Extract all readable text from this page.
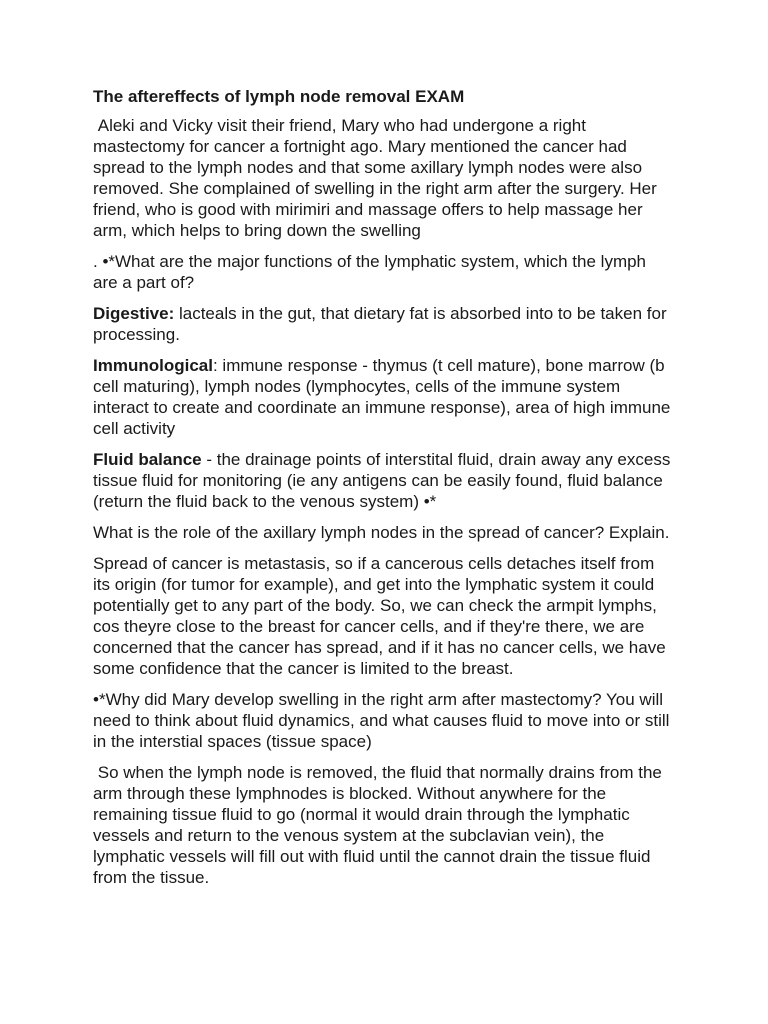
The aftereffects of lymph node removal EXAM

Aleki and Vicky visit their friend, Mary who had undergone a right mastectomy for cancer a fortnight ago. Mary mentioned the cancer had spread to the lymph nodes and that some axillary lymph nodes were also removed. She complained of swelling in the right arm after the surgery. Her friend, who is good with mirimiri and massage offers to help massage her arm, which helps to bring down the swelling

. •*What are the major functions of the lymphatic system, which the lymph are a part of?

Digestive: lacteals in the gut, that dietary fat is absorbed into to be taken for processing.

Immunological: immune response - thymus (t cell mature), bone marrow (b cell maturing), lymph nodes (lymphocytes, cells of the immune system interact to create and coordinate an immune response), area of high immune cell activity

Fluid balance - the drainage points of interstital fluid, drain away any excess tissue fluid for monitoring (ie any antigens can be easily found, fluid balance (return the fluid back to the venous system) •*

What is the role of the axillary lymph nodes in the spread of cancer? Explain.

Spread of cancer is metastasis, so if a cancerous cells detaches itself from its origin (for tumor for example), and get into the lymphatic system it could potentially get to any part of the body. So, we can check the armpit lymphs, cos theyre close to the breast for cancer cells, and if they're there, we are concerned that the cancer has spread, and if it has no cancer cells, we have some confidence that the cancer is limited to the breast.

•*Why did Mary develop swelling in the right arm after mastectomy? You will need to think about fluid dynamics, and what causes fluid to move into or still in the interstial spaces (tissue space)

So when the lymph node is removed, the fluid that normally drains from the arm through these lymphnodes is blocked. Without anywhere for the remaining tissue fluid to go (normal it would drain through the lymphatic vessels and return to the venous system at the subclavian vein), the lymphatic vessels will fill out with fluid until the cannot drain the tissue fluid from the tissue.
